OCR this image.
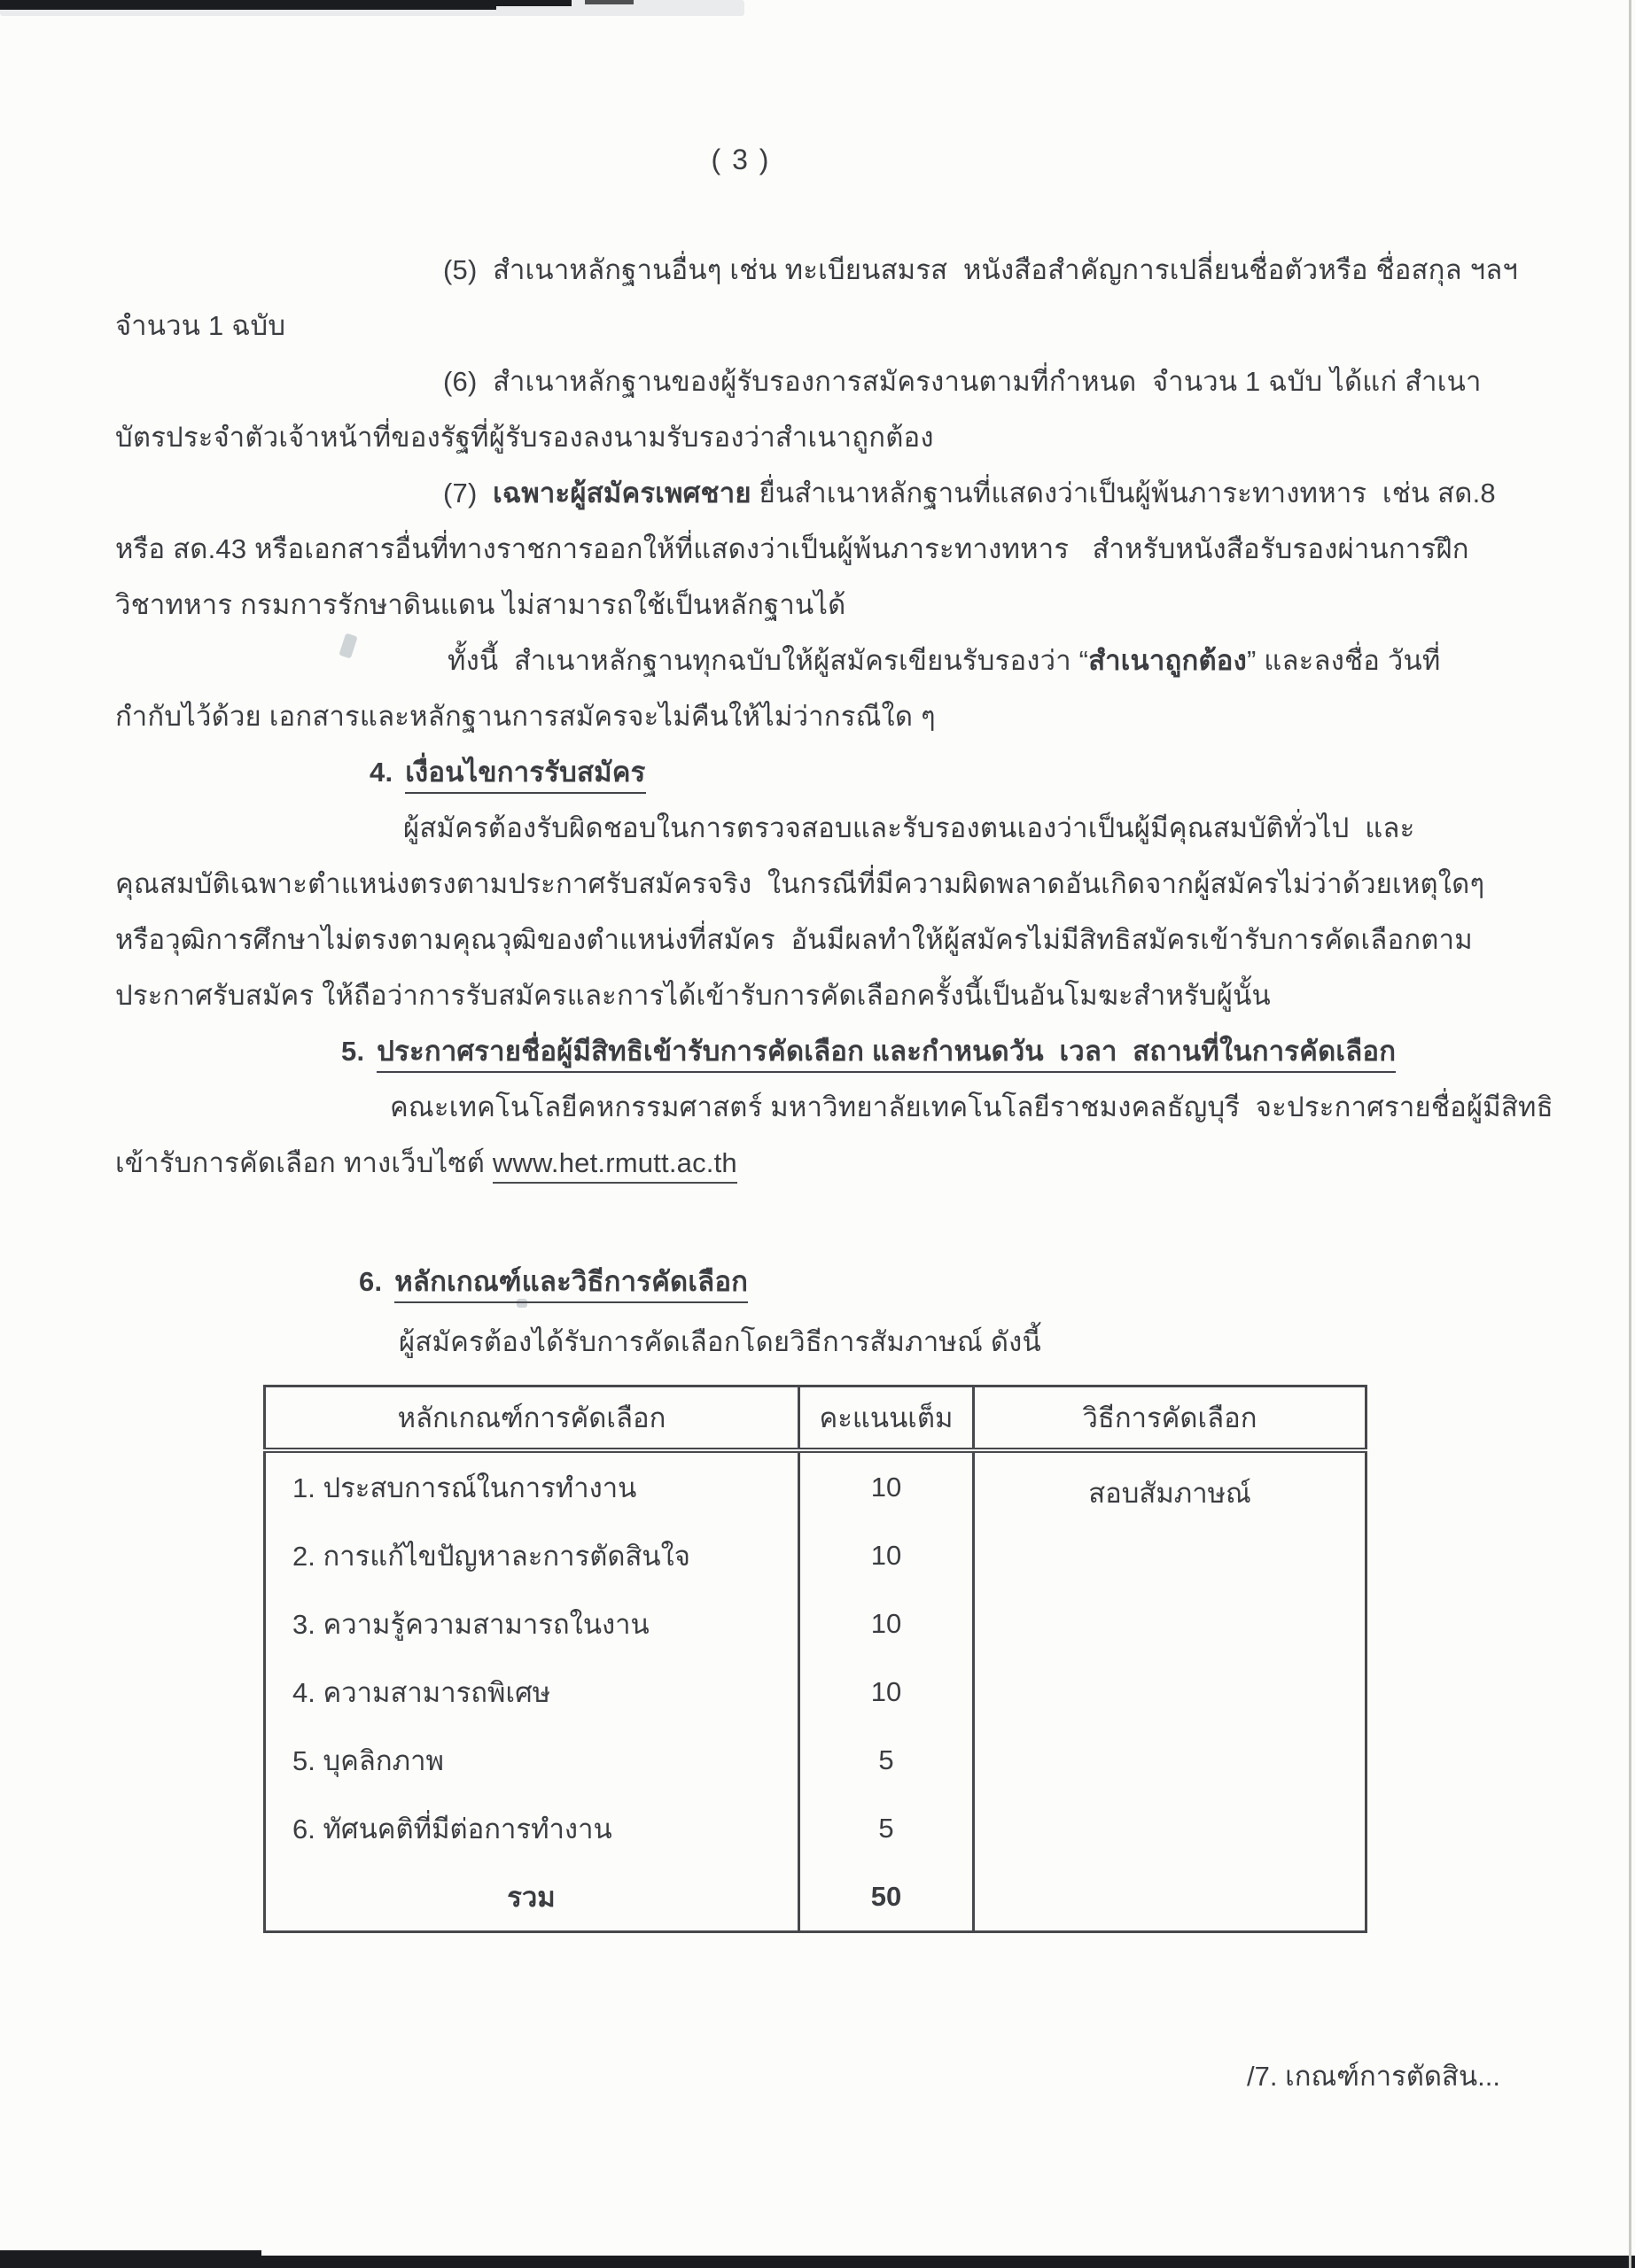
( 3 )
(5)  สำเนาหลักฐานอื่นๆ เช่น ทะเบียนสมรส  หนังสือสำคัญการเปลี่ยนชื่อตัวหรือ ชื่อสกุล ฯลฯ
จำนวน 1 ฉบับ
(6)  สำเนาหลักฐานของผู้รับรองการสมัครงานตามที่กำหนด  จำนวน 1 ฉบับ ได้แก่ สำเนา
บัตรประจำตัวเจ้าหน้าที่ของรัฐที่ผู้รับรองลงนามรับรองว่าสำเนาถูกต้อง
(7)  เฉพาะผู้สมัครเพศชาย ยื่นสำเนาหลักฐานที่แสดงว่าเป็นผู้พ้นภาระทางทหาร  เช่น สด.8
หรือ สด.43 หรือเอกสารอื่นที่ทางราชการออกให้ที่แสดงว่าเป็นผู้พ้นภาระทางทหาร   สำหรับหนังสือรับรองผ่านการฝึก
วิชาทหาร กรมการรักษาดินแดน ไม่สามารถใช้เป็นหลักฐานได้
ทั้งนี้  สำเนาหลักฐานทุกฉบับให้ผู้สมัครเขียนรับรองว่า “สำเนาถูกต้อง” และลงชื่อ วันที่
กำกับไว้ด้วย เอกสารและหลักฐานการสมัครจะไม่คืนให้ไม่ว่ากรณีใด ๆ
4. เงื่อนไขการรับสมัคร
ผู้สมัครต้องรับผิดชอบในการตรวจสอบและรับรองตนเองว่าเป็นผู้มีคุณสมบัติทั่วไป  และ
คุณสมบัติเฉพาะตำแหน่งตรงตามประกาศรับสมัครจริง  ในกรณีที่มีความผิดพลาดอันเกิดจากผู้สมัครไม่ว่าด้วยเหตุใดๆ
หรือวุฒิการศึกษาไม่ตรงตามคุณวุฒิของตำแหน่งที่สมัคร  อันมีผลทำให้ผู้สมัครไม่มีสิทธิสมัครเข้ารับการคัดเลือกตาม
ประกาศรับสมัคร ให้ถือว่าการรับสมัครและการได้เข้ารับการคัดเลือกครั้งนี้เป็นอันโมฆะสำหรับผู้นั้น
5. ประกาศรายชื่อผู้มีสิทธิเข้ารับการคัดเลือก และกำหนดวัน  เวลา  สถานที่ในการคัดเลือก
คณะเทคโนโลยีคหกรรมศาสตร์ มหาวิทยาลัยเทคโนโลยีราชมงคลธัญบุรี  จะประกาศรายชื่อผู้มีสิทธิ
เข้ารับการคัดเลือก ทางเว็บไซต์ www.het.rmutt.ac.th
6. หลักเกณฑ์และวิธีการคัดเลือก
ผู้สมัครต้องได้รับการคัดเลือกโดยวิธีการสัมภาษณ์ ดังนี้
หลักเกณฑ์การคัดเลือก	คะแนนเต็ม	วิธีการคัดเลือก
1. ประสบการณ์ในการทำงาน	10	สอบสัมภาษณ์
2. การแก้ไขปัญหาละการตัดสินใจ	10	
3. ความรู้ความสามารถในงาน	10	
4. ความสามารถพิเศษ	10	
5. บุคลิกภาพ	5	
6. ทัศนคติที่มีต่อการทำงาน	5	
รวม	50	
/7. เกณฑ์การตัดสิน...
